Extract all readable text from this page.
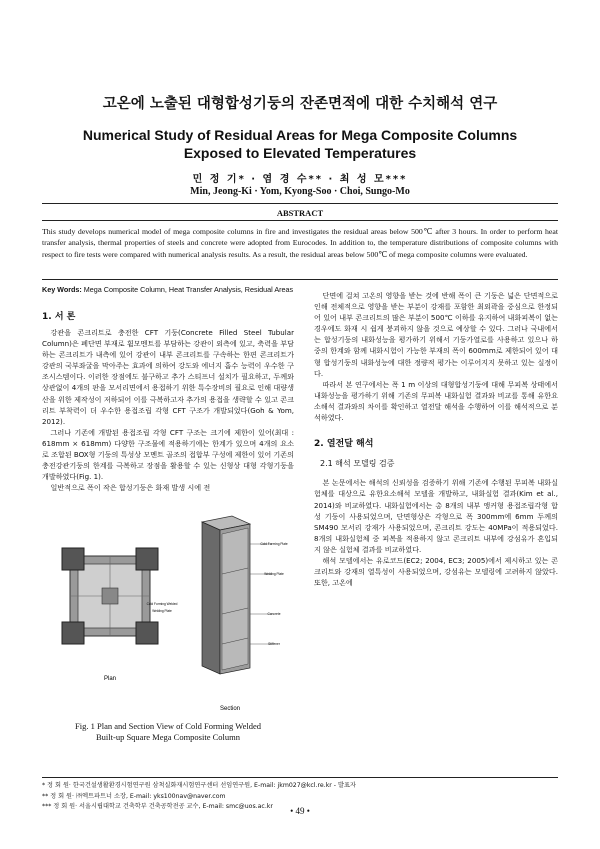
고온에 노출된 대형합성기둥의 잔존면적에 대한 수치해석 연구
Numerical Study of Residual Areas for Mega Composite Columns
Exposed to Elevated Temperatures
민 정 기* · 염 경 수** · 최 성 모***
Min, Jeong-Ki · Yom, Kyong-Soo · Choi, Sungo-Mo
ABSTRACT
This study develops numerical model of mega composite columns in fire and investigates the residual areas below 500℃ after 3 hours. In order to perform heat transfer analysis, thermal properties of steels and concrete were adopted from Eurocodes. In addition to, the temperature distributions of composite columns with respect to fire tests were compared with numerical analysis results. As a result, the residual areas below 500℃ of mega composite columns were evaluated.
Key Words: Mega Composite Column, Heat Transfer Analysis, Residual Areas
1. 서 론

강관을 콘크리트로 충전한 CFT 기둥(Concrete Filled Steel Tubular Column)은 폐단면 부재로 휨모멘트를 부담하는 강관이 외측에 있고, 축력을 부담하는 콘크리트가 내측에 있어 강관이 내부 콘크리트를 구속하는 한편 콘크리트가 강관의 국부좌굴을 막아주는 효과에 의하여 강도와 에너지 흡수 능력이 우수한 구조시스템이다. 이러한 장점에도 불구하고 추가 스티프너 설치가 필요하고, 두께와 상관없이 4개의 판을 모서리면에서 용접하기 위한 특수장비의 필요로 인해 대량생산을 위한 제작성이 저하되어 이를 극복하고자 추가의 용접을 생략할 수 있고 콘크리트 부착력이 더 우수한 용접조립 각형 CFT 구조가 개발되었다(Goh & Yom, 2012).

그러나 기존에 개발된 용접조립 각형 CFT 구조는 크기에 제한이 있어(최대 : 618mm × 618mm) 다양한 구조물에 적용하기에는 한계가 있으며 4개의 요소로 조합된 BOX형 기둥의 특성상 모멘트 골조의 접합부 구성에 제한이 있어 기존의 충전강관기둥의 한계를 극복하고 장점을 활용할 수 있는 신형상 대형 각형기둥을 개발하였다(Fig. 1).

일반적으로 폭이 작은 합성기둥은 화재 발생 시에 전

Plan
Cold Forming Plate
Welding Plate
Concrete
Stiffener
Cold Forming Welded
Welding Plate
Section
Fig. 1 Plan and Section View of Cold Forming Welded
Built-up Square Mega Composite Column

단면에 걸쳐 고온의 영향을 받는 것에 반해 폭이 큰 기둥은 넓은 단면적으로 인해 전체적으로 영향을 받는 부분이 강재를 포함한 최외곽을 중심으로 한정되어 있어 내부 콘크리트의 많은 부분이 500℃ 이하를 유지하여 내화피복이 없는 경우에도 화재 시 쉽게 붕괴하지 않을 것으로 예상할 수 있다. 그러나 국내에서는 합성기둥의 내화성능을 평가하기 위해서 기둥가열로를 사용하고 있으나 하중의 한계와 함께 내화시험이 가능한 부재의 폭이 600mm로 제한되어 있어 대형 합성기둥의 내화성능에 대한 정량적 평가는 이루어지지 못하고 있는 실정이다.

따라서 본 연구에서는 폭 1 m 이상의 대형합성기둥에 대해 무피복 상태에서 내화성능을 평가하기 위해 기존의 무피복 내화실험 결과와 비교를 통해 유한요소해석 결과와의 차이를 확인하고 열전달 해석을 수행하여 이를 해석적으로 분석하였다.

2. 열전달 해석
2.1 해석 모델링 검증

본 논문에서는 해석의 신뢰성을 검증하기 위해 기존에 수행된 무피복 내화실험체를 대상으로 유한요소해석 모델을 개발하고, 내화실험 결과(Kim et al., 2014)와 비교하였다. 내화실험에서는 총 8개의 내부 앵커형 용접조립각형 합성 기둥이 사용되었으며, 단면형상은 각형으로 폭 300mm에 6mm 두께의 SM490 모서리 강재가 사용되었으며, 콘크리트 강도는 40MPa이 적용되었다. 8개의 내화실험체 중 피복을 적용하지 않고 콘크리트 내부에 강섬유가 혼입되지 않은 실험체 결과를 비교하였다.

해석 모델에서는 유로코드(EC2; 2004, EC3; 2005)에서 제시하고 있는 콘크리트와 강재의 열특성이 사용되었으며, 강섬유는 모델링에 고려하지 않았다. 또한, 고온에

* 정 회 원· 한국건설생활환경시험연구원 삼척실화재시험연구센터 선임연구원, E-mail: jkm027@kcl.re.kr - 발표자
** 정 회 원· ㈜엑트파트너 소장, E-mail: yks100nav@naver.com
*** 정 회 원· 서울시립대학교 건축학부 건축공학전공 교수, E-mail: smc@uos.ac.kr	• 49 •
